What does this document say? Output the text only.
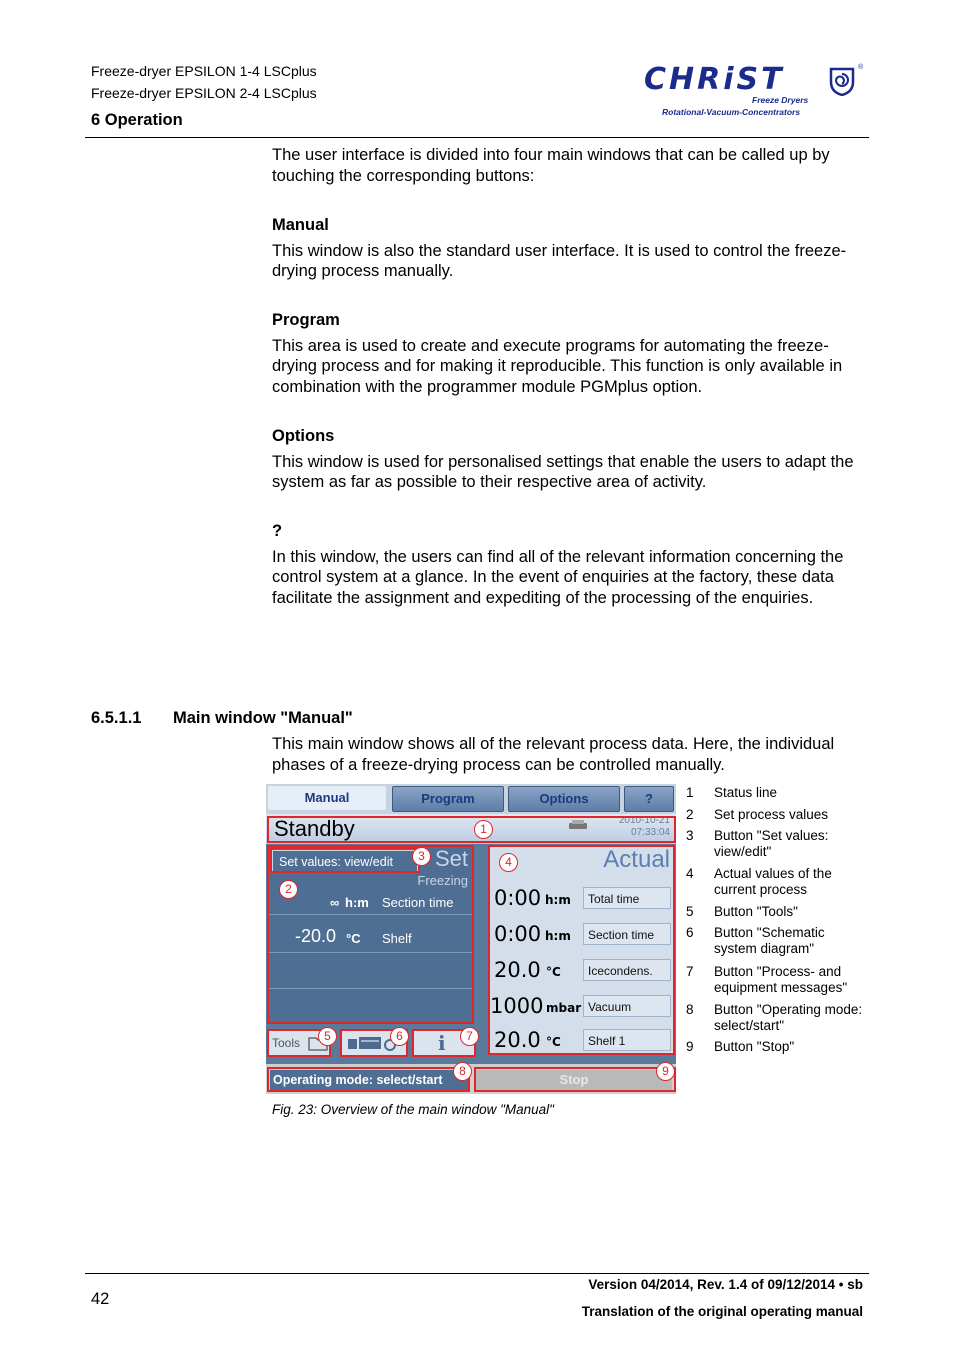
Freeze-dryer EPSILON 1-4 LSCplus
Freeze-dryer EPSILON 2-4 LSCplus
6 Operation
CHRiST	®
Freeze Dryers
Rotational-Vacuum-Concentrators
The user interface is divided into four main windows that can be called up by touching the corresponding buttons:
Manual

This window is also the standard user interface. It is used to control the freeze-drying process manually.

Program

This area is used to create and execute programs for automating the freeze-drying process and for making it reproducible. This function is only available in combination with the programmer module PGMplus option.

Options

This window is used for personalised settings that enable the users to adapt the system as far as possible to their respective area of activity.

?

In this window, the users can find all of the relevant information concerning the control system at a glance. In the event of enquiries at the factory, these data facilitate the assignment and expediting of the processing of the enquiries.

6.5.1.1 Main window "Manual"
This main window shows all of the relevant process data. Here, the individual phases of a freeze-drying process can be controlled manually.
Manual	Program	Options	?
Standby	2010-10-21
07:33:04
Set values: view/edit	Set
Freezing
∞ h:m Section time
-20.0 °C Shelf
Actual
0:00 h:m	Total time
0:00 h:m	Section time
20.0 °C	Icecondens.
1000 mbar Vacuum
20.0 °C	Shelf 1
Tools	i
Operating mode: select/start	Stop
1
2
3	4
5	6	7
8	9
1 Status line
2 Set process values
3 Button "Set values: view/edit"
4 Actual values of the current process
5 Button "Tools"
6 Button "Schematic system diagram"
7 Button "Process- and equipment messages"
8 Button "Operating mode: select/start"
9 Button "Stop"
Fig. 23: Overview of the main window "Manual"
42
Version 04/2014, Rev. 1.4 of 09/12/2014 • sb
Translation of the original operating manual
